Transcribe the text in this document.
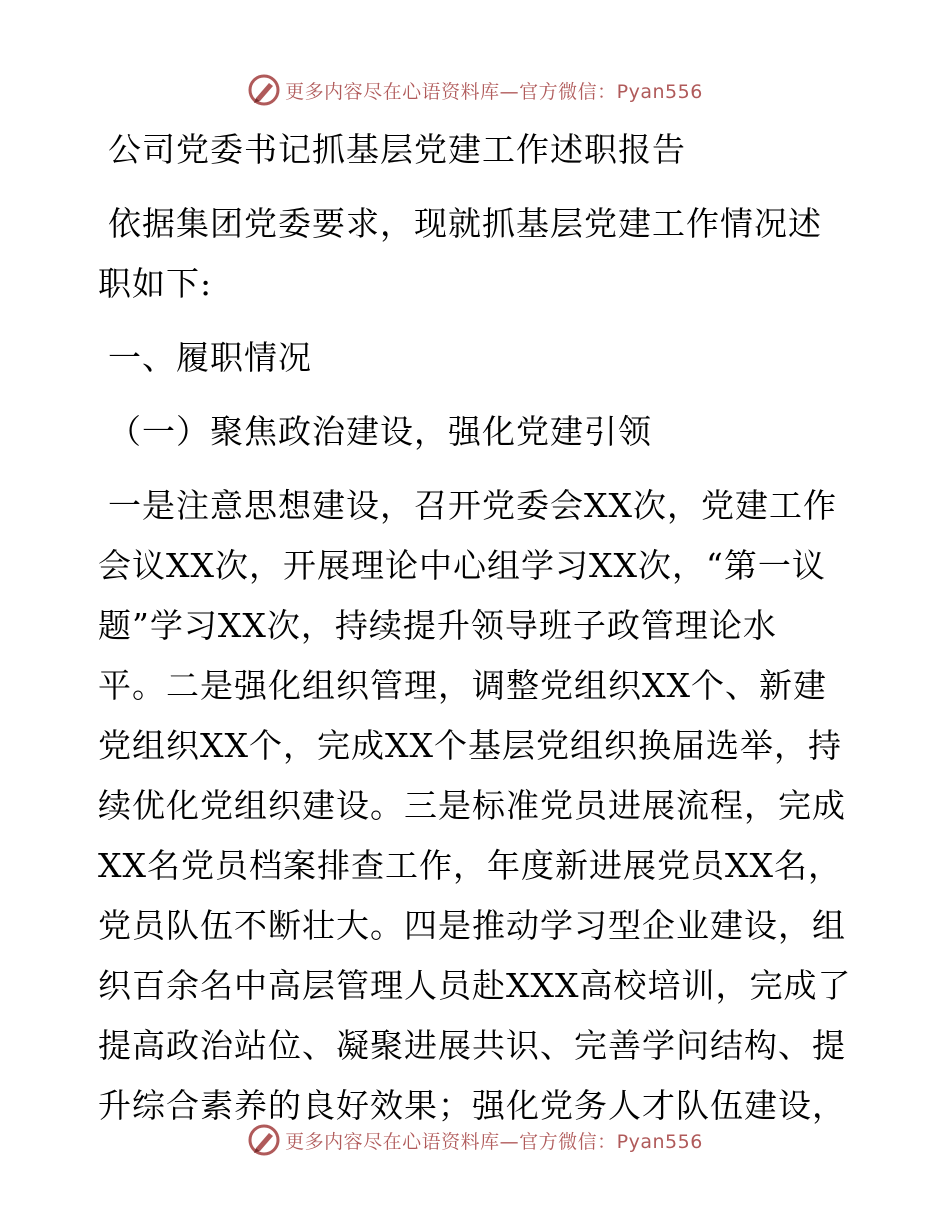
更多内容尽在心语资料库—官方微信：Pyan556
公司党委书记抓基层党建工作述职报告
依据集团党委要求，现就抓基层党建工作情况述
职如下:
一、履职情况
（一）聚焦政治建设，强化党建引领
一是注意思想建设，召开党委会XX次，党建工作
会议XX次，开展理论中心组学习XX次，“第一议
题”学习XX次，持续提升领导班子政管理论水
平。二是强化组织管理，调整党组织XX个、新建
党组织XX个，完成XX个基层党组织换届选举，持
续优化党组织建设。三是标准党员进展流程，完成
XX名党员档案排查工作，年度新进展党员XX名，
党员队伍不断壮大。四是推动学习型企业建设，组
织百余名中高层管理人员赴XXX高校培训，完成了
提高政治站位、凝聚进展共识、完善学问结构、提
升综合素养的良好效果；强化党务人才队伍建设，
更多内容尽在心语资料库—官方微信：Pyan556
